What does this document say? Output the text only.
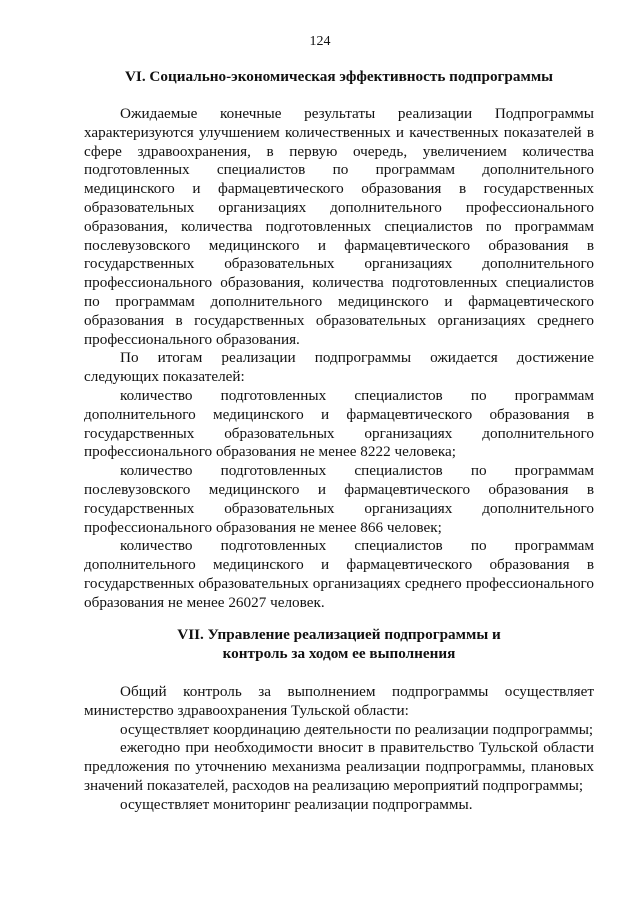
124
VI. Социально-экономическая эффективность подпрограммы

Ожидаемые конечные результаты реализации Подпрограммы характеризуются улучшением количественных и качественных показателей в сфере здравоохранения, в первую очередь, увеличением количества подготовленных специалистов по программам дополнительного медицинского и фармацевтического образования в государственных образовательных организациях дополнительного профессионального образования, количества подготовленных специалистов по программам послевузовского медицинского и фармацевтического образования в государственных образовательных организациях дополнительного профессионального образования, количества подготовленных специалистов по программам дополнительного медицинского и фармацевтического образования в государственных образовательных организациях среднего профессионального образования.

По итогам реализации подпрограммы ожидается достижение следующих показателей:

количество подготовленных специалистов по программам дополнительного медицинского и фармацевтического образования в государственных образовательных организациях дополнительного профессионального образования не менее 8222 человека;

количество подготовленных специалистов по программам послевузовского медицинского и фармацевтического образования в государственных образовательных организациях дополнительного профессионального образования не менее 866 человек;

количество подготовленных специалистов по программам дополнительного медицинского и фармацевтического образования в государственных образовательных организациях среднего профессионального образования не менее 26027 человек.

VII. Управление реализацией подпрограммы и
контроль за ходом ее выполнения

Общий контроль за выполнением подпрограммы осуществляет министерство здравоохранения Тульской области:

осуществляет координацию деятельности по реализации подпрограммы;

ежегодно при необходимости вносит в правительство Тульской области предложения по уточнению механизма реализации подпрограммы, плановых значений показателей, расходов на реализацию мероприятий подпрограммы;

осуществляет мониторинг реализации подпрограммы.
